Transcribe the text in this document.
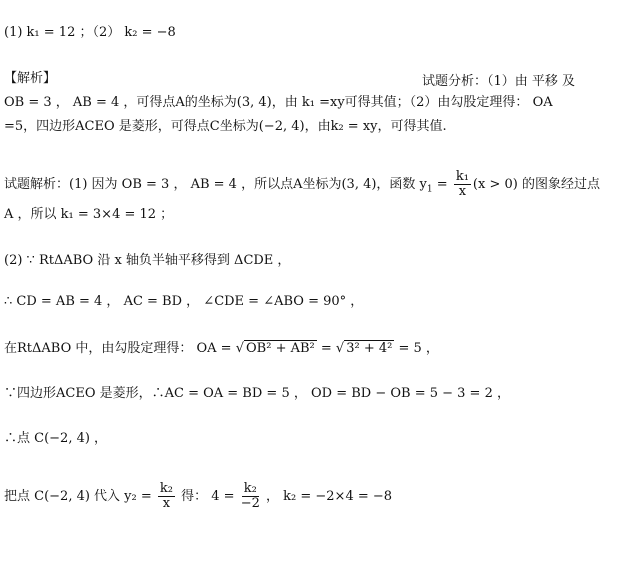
(1) k₁ = 12 ；（2） k₂ = −8
【解析】	试题分析：（1）由 平移 及
OB = 3 ， AB = 4 ，可得点A的坐标为(3, 4)，由 k₁ =xy可得其值；（2）由勾股定理得： OA
=5，四边形ACEO 是菱形，可得点C坐标为(−2, 4)，由k₂ = xy，可得其值.
试题解析：(1) 因为 OB = 3 ， AB = 4 ，所以点A坐标为(3, 4)，函数 $y_1 = \frac{\text{k₁}}{x} (x > 0)$ 的图象经过点
A ，所以 k₁ = 3×4 = 12 ；
(2) ∵ RtΔABO 沿 x 轴负半轴平移得到 ΔCDE ，
∴ CD = AB = 4 ， AC = BD ， ∠CDE = ∠ABO = 90° ，
在RtΔABO 中，由勾股定理得： OA = √ OB² + AB² = √ 3² + 4² = 5 ，
∵四边形ACEO 是菱形，∴AC = OA = BD = 5 ， OD = BD − OB = 5 − 3 = 2 ，
∴点 C(−2, 4) ，
把点 C(−2, 4) 代入 $y_2 = \frac{\text{k₂}}{x}$ 得： $4 = \frac{\text{k₂}}{-2}$ ， k₂ = −2×4 = −8
